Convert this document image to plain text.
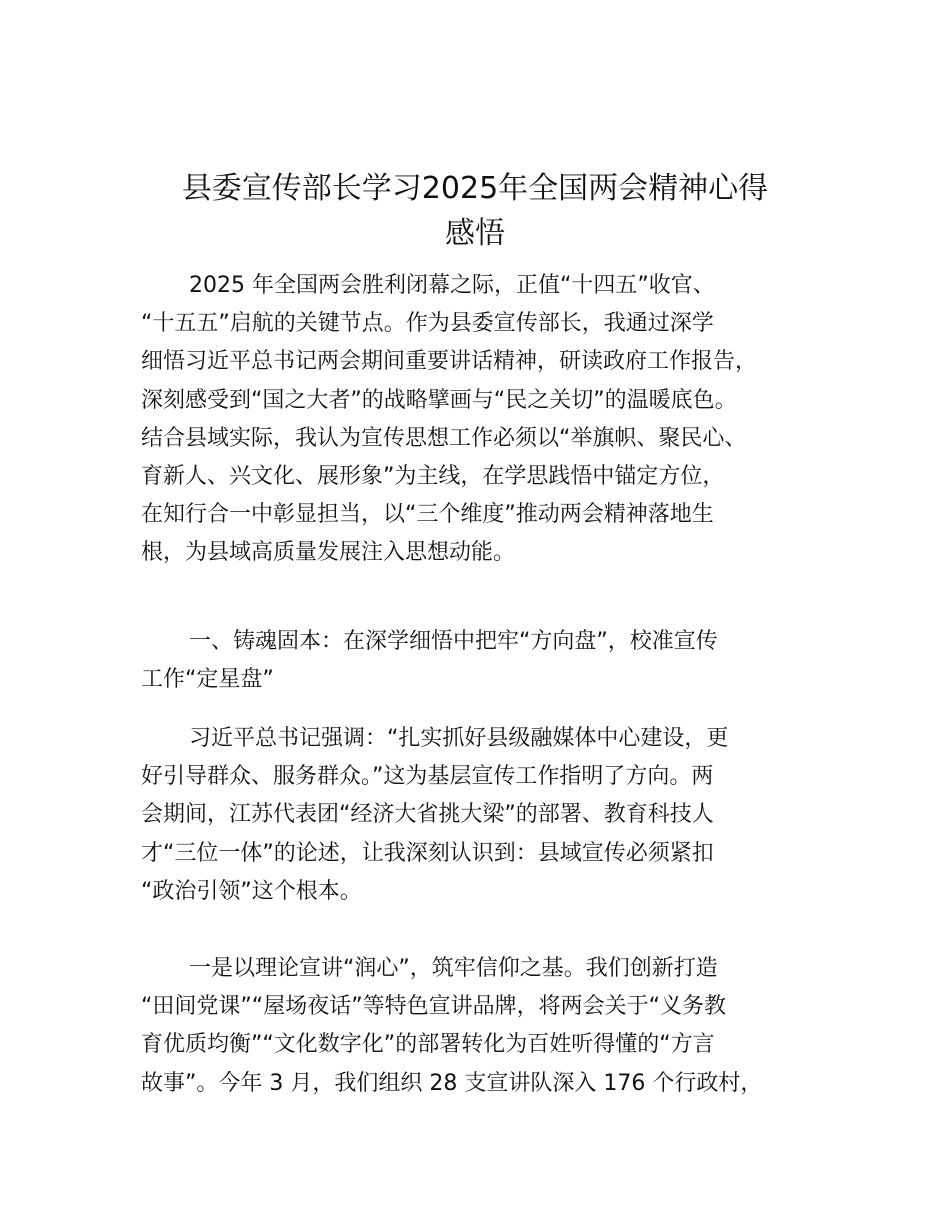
县委宣传部长学习2025年全国两会精神心得
感悟

2025 年全国两会胜利闭幕之际，正值“十四五”收官、
“十五五”启航的关键节点。作为县委宣传部长，我通过深学
细悟习近平总书记两会期间重要讲话精神，研读政府工作报告，
深刻感受到“国之大者”的战略擘画与“民之关切”的温暖底色。
结合县域实际，我认为宣传思想工作必须以“举旗帜、聚民心、
育新人、兴文化、展形象”为主线，在学思践悟中锚定方位，
在知行合一中彰显担当，以“三个维度”推动两会精神落地生
根，为县域高质量发展注入思想动能。

一、铸魂固本：在深学细悟中把牢“方向盘”，校准宣传
工作“定星盘”

习近平总书记强调：“扎实抓好县级融媒体中心建设，更
好引导群众、服务群众。”这为基层宣传工作指明了方向。两
会期间，江苏代表团“经济大省挑大梁”的部署、教育科技人
才“三位一体”的论述，让我深刻认识到：县域宣传必须紧扣
“政治引领”这个根本。

一是以理论宣讲“润心”，筑牢信仰之基。我们创新打造
“田间党课”“屋场夜话”等特色宣讲品牌，将两会关于“义务教
育优质均衡”“文化数字化”的部署转化为百姓听得懂的“方言
故事”。今年 3 月，我们组织 28 支宣讲队深入 176 个行政村，
